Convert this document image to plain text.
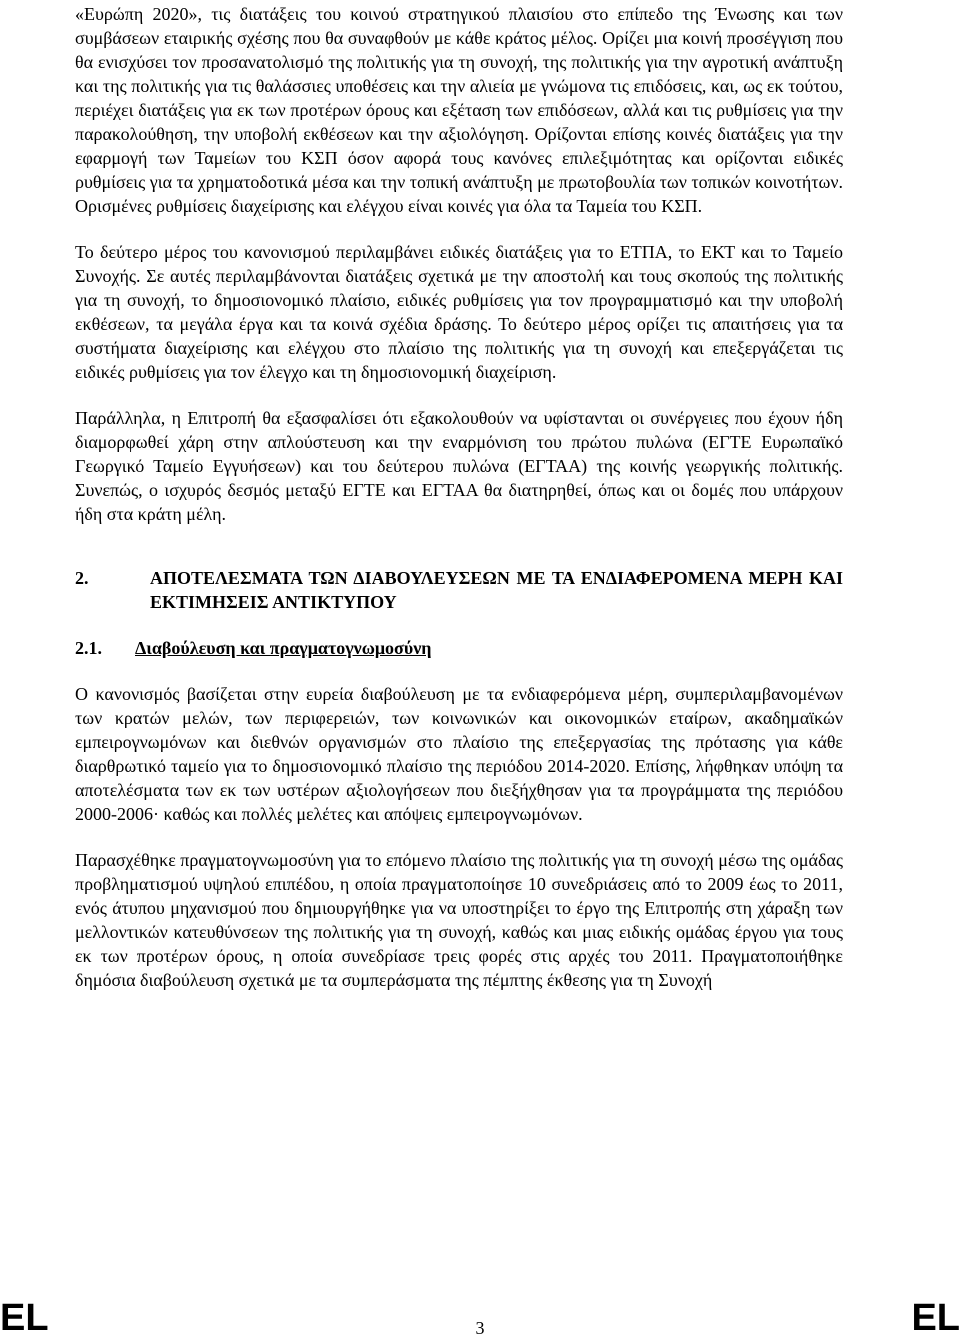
«Ευρώπη 2020», τις διατάξεις του κοινού στρατηγικού πλαισίου στο επίπεδο της Ένωσης και των συμβάσεων εταιρικής σχέσης που θα συναφθούν με κάθε κράτος μέλος. Ορίζει μια κοινή προσέγγιση που θα ενισχύσει τον προσανατολισμό της πολιτικής για τη συνοχή, της πολιτικής για την αγροτική ανάπτυξη και της πολιτικής για τις θαλάσσιες υποθέσεις και την αλιεία με γνώμονα τις επιδόσεις, και, ως εκ τούτου, περιέχει διατάξεις για εκ των προτέρων όρους και εξέταση των επιδόσεων, αλλά και τις ρυθμίσεις για την παρακολούθηση, την υποβολή εκθέσεων και την αξιολόγηση. Ορίζονται επίσης κοινές διατάξεις για την εφαρμογή των Ταμείων του ΚΣΠ όσον αφορά τους κανόνες επιλεξιμότητας και ορίζονται ειδικές ρυθμίσεις για τα χρηματοδοτικά μέσα και την τοπική ανάπτυξη με πρωτοβουλία των τοπικών κοινοτήτων. Ορισμένες ρυθμίσεις διαχείρισης και ελέγχου είναι κοινές για όλα τα Ταμεία του ΚΣΠ.

Το δεύτερο μέρος του κανονισμού περιλαμβάνει ειδικές διατάξεις για το ΕΤΠΑ, το ΕΚΤ και το Ταμείο Συνοχής. Σε αυτές περιλαμβάνονται διατάξεις σχετικά με την αποστολή και τους σκοπούς της πολιτικής για τη συνοχή, το δημοσιονομικό πλαίσιο, ειδικές ρυθμίσεις για τον προγραμματισμό και την υποβολή εκθέσεων, τα μεγάλα έργα και τα κοινά σχέδια δράσης. Το δεύτερο μέρος ορίζει τις απαιτήσεις για τα συστήματα διαχείρισης και ελέγχου στο πλαίσιο της πολιτικής για τη συνοχή και επεξεργάζεται τις ειδικές ρυθμίσεις για τον έλεγχο και τη δημοσιονομική διαχείριση.

Παράλληλα, η Επιτροπή θα εξασφαλίσει ότι εξακολουθούν να υφίστανται οι συνέργειες που έχουν ήδη διαμορφωθεί χάρη στην απλούστευση και την εναρμόνιση του πρώτου πυλώνα (ΕΓΤΕ Ευρωπαϊκό Γεωργικό Ταμείο Εγγυήσεων) και του δεύτερου πυλώνα (ΕΓΤΑΑ) της κοινής γεωργικής πολιτικής. Συνεπώς, ο ισχυρός δεσμός μεταξύ ΕΓΤΕ και ΕΓΤΑΑ θα διατηρηθεί, όπως και οι δομές που υπάρχουν ήδη στα κράτη μέλη.

2.	ΑΠΟΤΕΛΕΣΜΑΤΑ ΤΩΝ ΔΙΑΒΟΥΛΕΥΣΕΩΝ ΜΕ ΤΑ ΕΝΔΙΑΦΕΡΟΜΕΝΑ ΜΕΡΗ ΚΑΙ ΕΚΤΙΜΗΣΕΙΣ ΑΝΤΙΚΤΥΠΟΥ
2.1.	Διαβούλευση και πραγματογνωμοσύνη

Ο κανονισμός βασίζεται στην ευρεία διαβούλευση με τα ενδιαφερόμενα μέρη, συμπεριλαμβανομένων των κρατών μελών, των περιφερειών, των κοινωνικών και οικονομικών εταίρων, ακαδημαϊκών εμπειρογνωμόνων και διεθνών οργανισμών στο πλαίσιο της επεξεργασίας της πρότασης για κάθε διαρθρωτικό ταμείο για το δημοσιονομικό πλαίσιο της περιόδου 2014-2020. Επίσης, λήφθηκαν υπόψη τα αποτελέσματα των εκ των υστέρων αξιολογήσεων που διεξήχθησαν για τα προγράμματα της περιόδου 2000-2006· καθώς και πολλές μελέτες και απόψεις εμπειρογνωμόνων.

Παρασχέθηκε πραγματογνωμοσύνη για το επόμενο πλαίσιο της πολιτικής για τη συνοχή μέσω της ομάδας προβληματισμού υψηλού επιπέδου, η οποία πραγματοποίησε 10 συνεδριάσεις από το 2009 έως το 2011, ενός άτυπου μηχανισμού που δημιουργήθηκε για να υποστηρίξει το έργο της Επιτροπής στη χάραξη των μελλοντικών κατευθύνσεων της πολιτικής για τη συνοχή, καθώς και μιας ειδικής ομάδας έργου για τους εκ των προτέρων όρους, η οποία συνεδρίασε τρεις φορές στις αρχές του 2011. Πραγματοποιήθηκε δημόσια διαβούλευση σχετικά με τα συμπεράσματα της πέμπτης έκθεσης για τη Συνοχή

EL	3	EL
